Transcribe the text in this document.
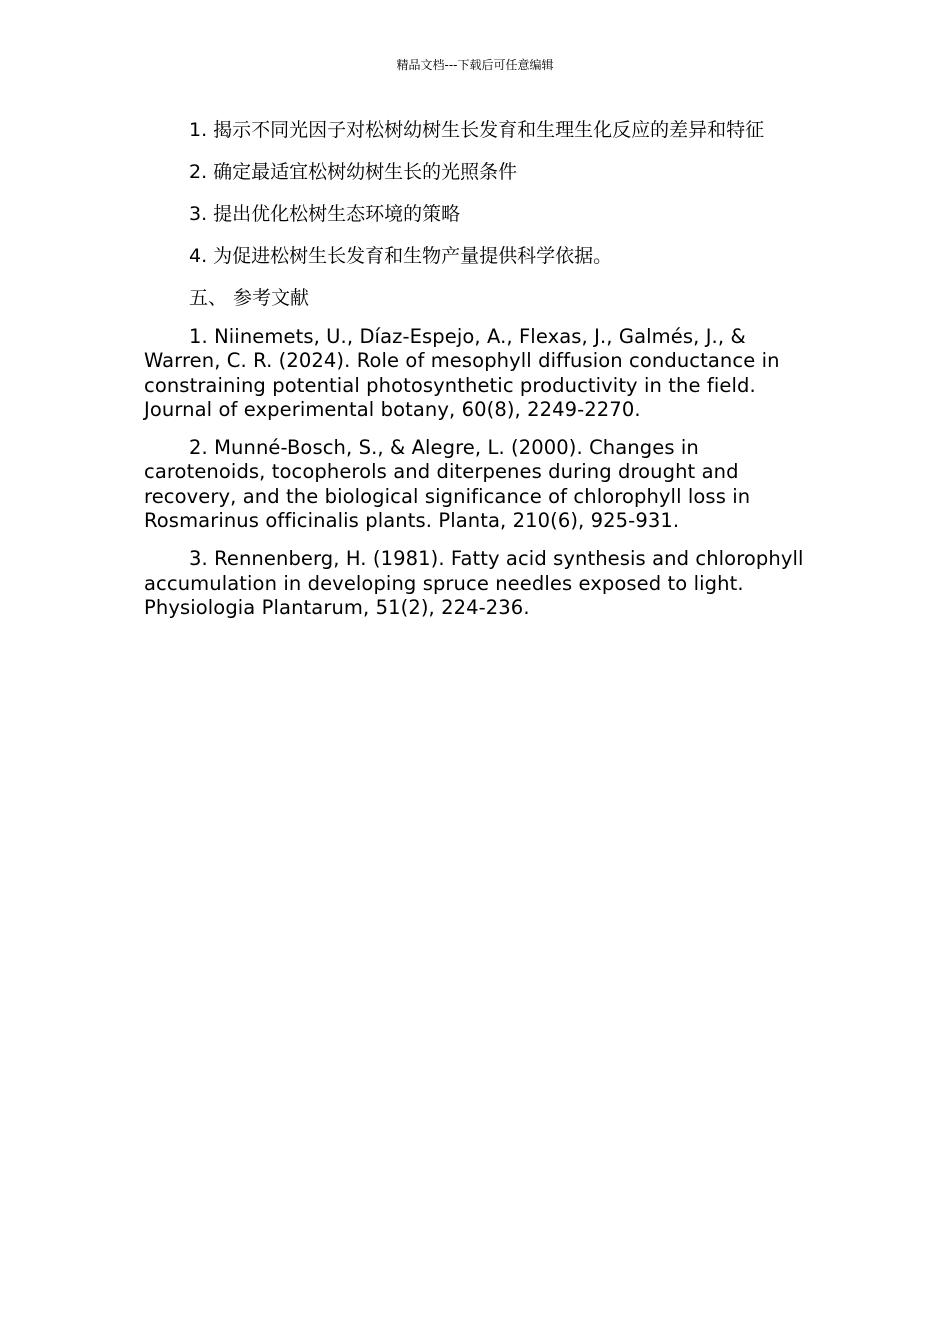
精品文档---下载后可任意编辑

1. 揭示不同光因子对松树幼树生长发育和生理生化反应的差异和特征

2. 确定最适宜松树幼树生长的光照条件

3. 提出优化松树生态环境的策略

4. 为促进松树生长发育和生物产量提供科学依据。

五、 参考文献

1. Niinemets, U., Díaz-Espejo, A., Flexas, J., Galmés, J., & Warren, C. R. (2024). Role of mesophyll diffusion conductance in constraining potential photosynthetic productivity in the field. Journal of experimental botany, 60(8), 2249-2270.

2. Munné-Bosch, S., & Alegre, L. (2000). Changes in carotenoids, tocopherols and diterpenes during drought and recovery, and the biological significance of chlorophyll loss in Rosmarinus officinalis plants. Planta, 210(6), 925-931.

3. Rennenberg, H. (1981). Fatty acid synthesis and chlorophyll accumulation in developing spruce needles exposed to light. Physiologia Plantarum, 51(2), 224-236.
